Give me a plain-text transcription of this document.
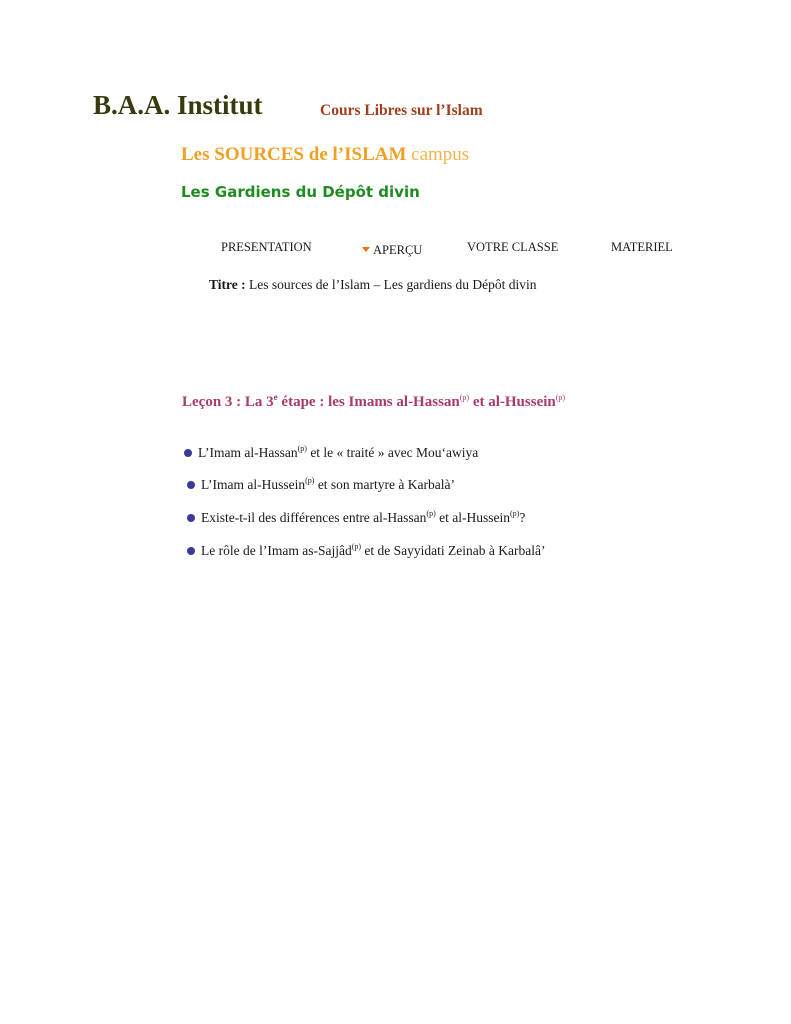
B.A.A. Institut	Cours Libres sur l’Islam
Les SOURCES de l’ISLAM campus
Les Gardiens du Dépôt divin
PRESENTATION	APERÇU	VOTRE CLASSE	MATERIEL
Titre : Les sources de l’Islam – Les gardiens du Dépôt divin
Leçon 3 : La 3e étape : les Imams al-Hassan$^{(p)}$ et al-Hussein$^{(p)}$
L’Imam al-Hassan$^{(p)}$ et le « traité » avec Mou‘awiya
L’Imam al-Hussein$^{(p)}$ et son martyre à Karbalà’
Existe-t-il des différences entre al-Hassan$^{(p)}$ et al-Hussein$^{(p)}$?
Le rôle de l’Imam as-Sajjâd$^{(p)}$ et de Sayyidati Zeinab à Karbalâ’
